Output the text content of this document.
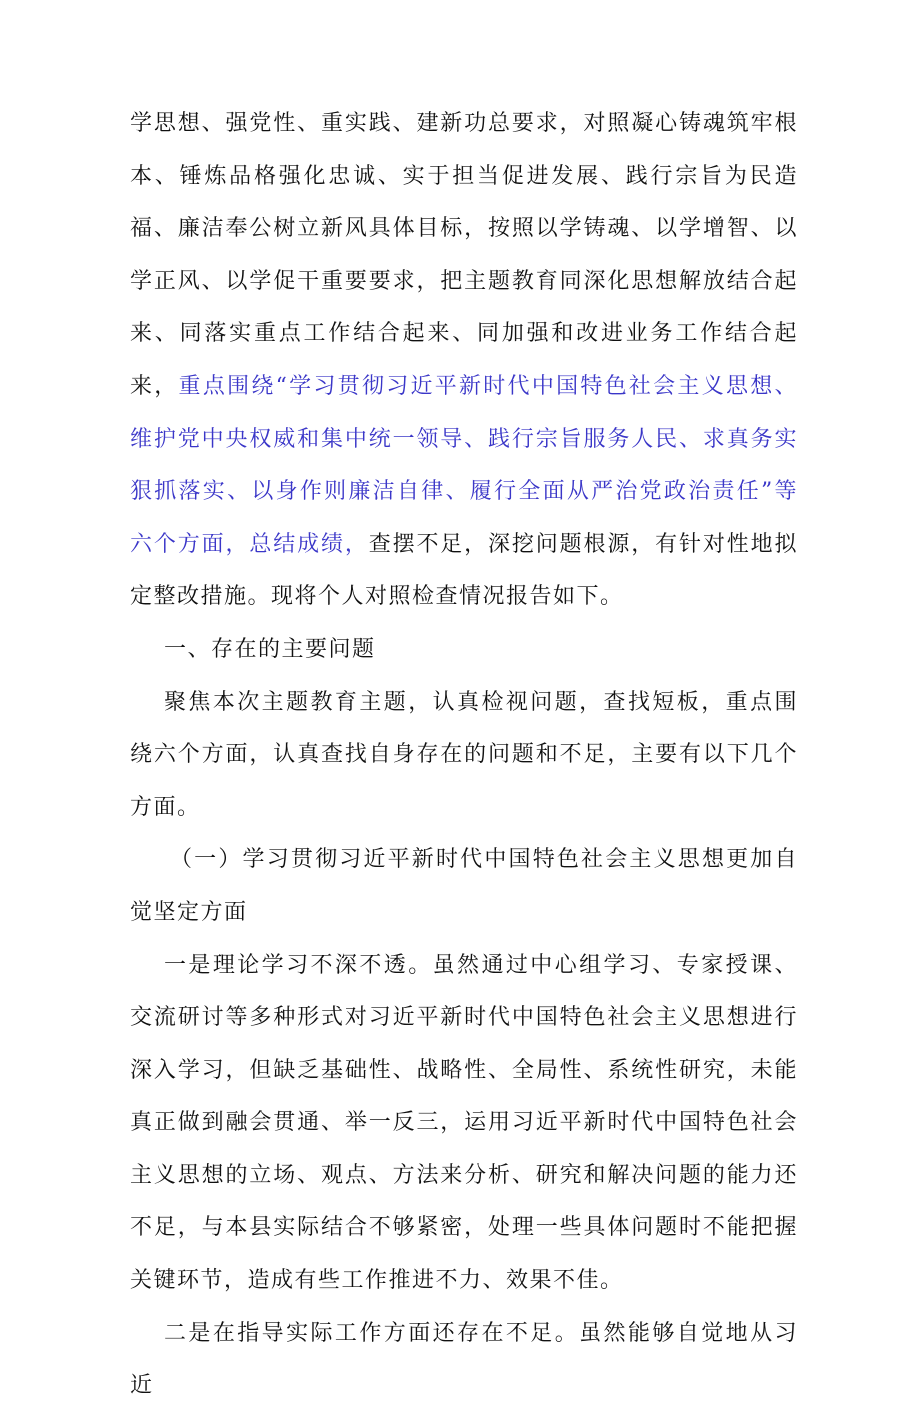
学思想、强党性、重实践、建新功总要求，对照凝心铸魂筑牢根本、锤炼品格强化忠诚、实于担当促进发展、践行宗旨为民造福、廉洁奉公树立新风具体目标，按照以学铸魂、以学增智、以学正风、以学促干重要要求，把主题教育同深化思想解放结合起来、同落实重点工作结合起来、同加强和改进业务工作结合起来，重点围绕“学习贯彻习近平新时代中国特色社会主义思想、维护党中央权威和集中统一领导、践行宗旨服务人民、求真务实狠抓落实、以身作则廉洁自律、履行全面从严治党政治责任”等六个方面，总结成绩，查摆不足，深挖问题根源，有针对性地拟定整改措施。现将个人对照检查情况报告如下。

一、存在的主要问题

聚焦本次主题教育主题，认真检视问题，查找短板，重点围绕六个方面，认真查找自身存在的问题和不足，主要有以下几个方面。

（一）学习贯彻习近平新时代中国特色社会主义思想更加自觉坚定方面

一是理论学习不深不透。虽然通过中心组学习、专家授课、交流研讨等多种形式对习近平新时代中国特色社会主义思想进行深入学习，但缺乏基础性、战略性、全局性、系统性研究，未能真正做到融会贯通、举一反三，运用习近平新时代中国特色社会主义思想的立场、观点、方法来分析、研究和解决问题的能力还不足，与本县实际结合不够紧密，处理一些具体问题时不能把握关键环节，造成有些工作推进不力、效果不佳。

二是在指导实际工作方面还存在不足。虽然能够自觉地从习近
